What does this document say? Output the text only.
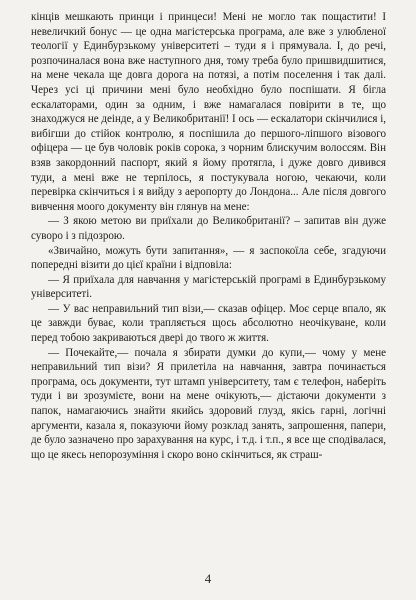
кінців мешкають принци і принцеси! Мені не могло так пощастити! І невеличкий бонус — це одна магістерська програма, але вже з улюбленої теології у Единбурзькому університеті – туди я і прямувала. І, до речі, розпочиналася вона вже наступного дня, тому треба було пришвидшитися, на мене чекала ще довга дорога на потязі, а потім поселення і так далі. Через усі ці причини мені було необхідно було поспішати. Я бігла ескалаторами, один за одним, і вже намагалася повірити в те, що знаходжуся не деінде, а у Великобританії! І ось — ескалатори скінчилися і, вибігши до стійок контролю, я поспішила до першого-ліпшого візового офіцера — це був чоловік років сорока, з чорним блискучим волоссям. Він взяв закордонний паспорт, який я йому протягла, і дуже довго дивився туди, а мені вже не терпілось, я постукувала ногою, чекаючи, коли перевірка скінчиться і я вийду з аеропорту до Лондона... Але після довгого вивчення моого документу він глянув на мене:

— З якою метою ви приїхали до Великобританії? – запитав він дуже суворо і з підозрою.

«Звичайно, можуть бути запитання», — я заспокоїла себе, згадуючи попередні візити до цієї країни і відповіла:

— Я приїхала для навчання у магістерській програмі в Единбурзькому університеті.

— У вас неправильний тип візи,— сказав офіцер. Моє серце впало, як це завжди буває, коли трапляється щось абсолютно неочікуване, коли перед тобою закриваються двері до твого ж життя.

— Почекайте,— почала я збирати думки до купи,— чому у мене неправильний тип візи? Я прилетіла на навчання, завтра починається програма, ось документи, тут штамп університету, там є телефон, наберіть туди і ви зрозумієте, вони на мене очікують,— дістаючи документи з папок, намагаючись знайти якийсь здоровий глузд, якісь гарні, логічні аргументи, казала я, показуючи йому розклад занять, запрошення, папери, де було зазначено про зарахування на курс, і т.д. і т.п., я все ще сподівалася, що це якесь непорозуміння і скоро воно скінчиться, як страш-

4
